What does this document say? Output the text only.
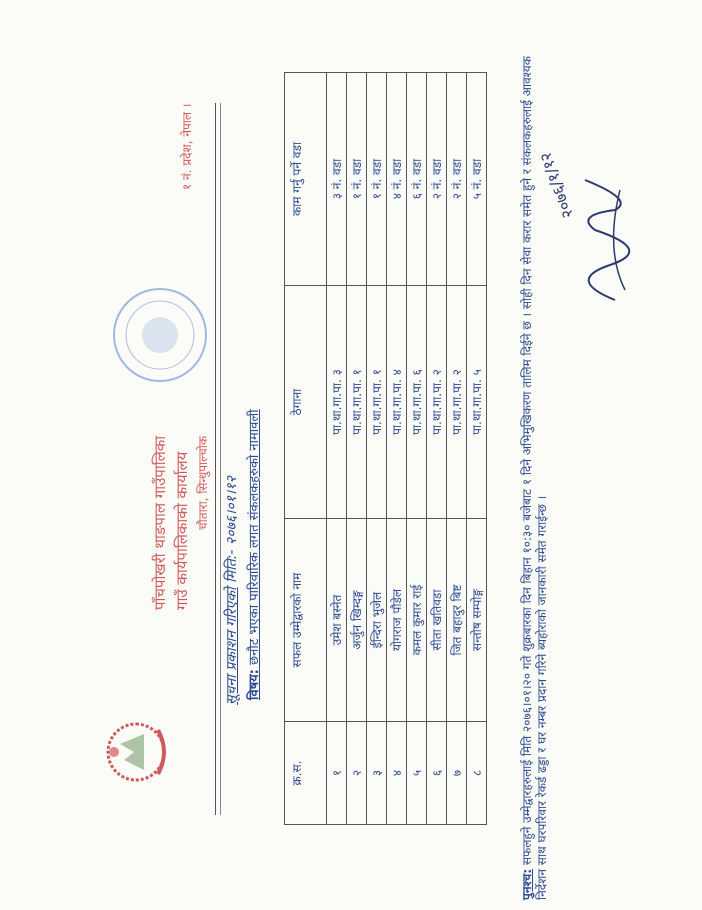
पाँचपोखरी थाङपाल गाउँपालिका गाउँ कार्यपालिकाको कार्यालय चौतारा, सिन्धुपाल्चोक
१ नं. प्रदेश, नेपाल ।
सूचना प्रकाशन गरिएको मिति:- २०७६।०१।१२
विषय: छनौट भएका पारिवारिक लगत संकलकहरुको नामावली
क्र.स.	सफल उम्मेद्वारको नाम	ठेगाना	काम गर्नु पर्ने वडा
१	उमेश बस्नेत	पा.था.गा.पा. ३	३ नं. वडा
२	अर्जुन खिम्दङ्ग	पा.था.गा.पा. १	१ नं. वडा
३	ईन्दिरा भुजेल	पा.था.गा.पा. १	१ नं. वडा
४	योगराज पौडेल	पा.था.गा.पा. ४	४ नं. वडा
५	कमल कुमार राई	पा.था.गा.पा. ६	६ नं. वडा
६	सीता खतिवडा	पा.था.गा.पा. २	२ नं. वडा
७	जित बहादुर बिष्ट	पा.था.गा.पा. २	२ नं. वडा
८	सन्तोष सम्पोङ्ग	पा.था.गा.पा. ५	५ नं. वडा
पुनश्च: सफलहुने उम्मेद्वारहरुलाई मिति २०७६।०१।२० गते शुक्रबारका दिन बिहान १०:३० बजेबाट १ दिने अभिमुखिकरण तालिम दिईने छ । सोही दिन सेवा करार समेत हुने र संकलकहरुलाई आवश्यक निर्देशन साथ घरपरिवार रेकर्ड ढड्डा र घर नम्बर प्रदान गरिने ब्यहोराको जानकारी समेत गराईन्छ ।
२०७६/१/१२
